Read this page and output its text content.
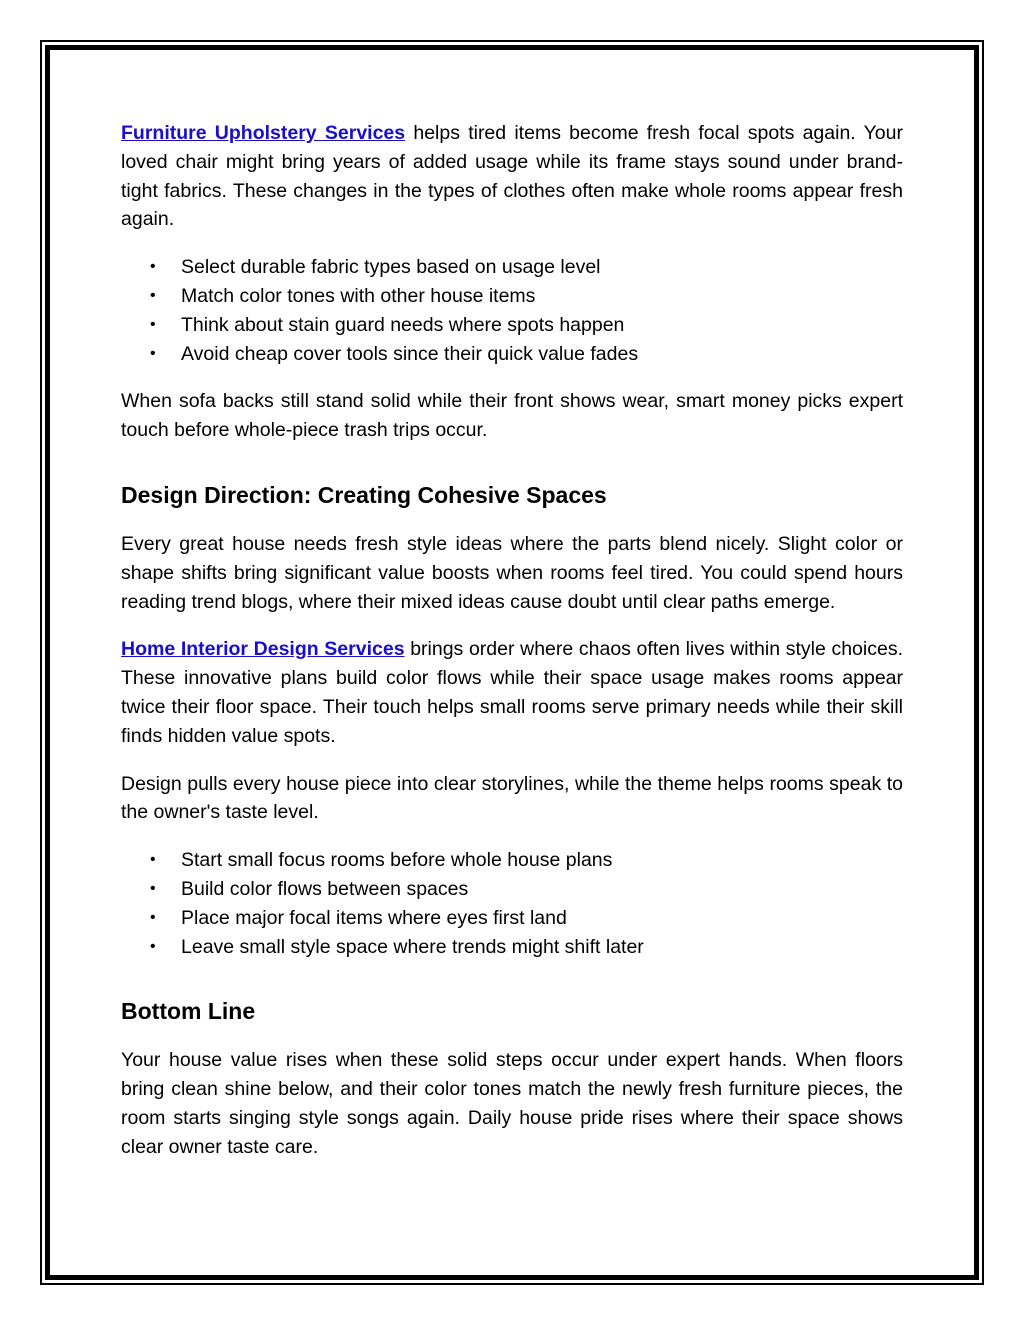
Furniture Upholstery Services helps tired items become fresh focal spots again. Your loved chair might bring years of added usage while its frame stays sound under brand-tight fabrics. These changes in the types of clothes often make whole rooms appear fresh again.

• Select durable fabric types based on usage level
• Match color tones with other house items
• Think about stain guard needs where spots happen
• Avoid cheap cover tools since their quick value fades

When sofa backs still stand solid while their front shows wear, smart money picks expert touch before whole-piece trash trips occur.

Design Direction: Creating Cohesive Spaces

Every great house needs fresh style ideas where the parts blend nicely. Slight color or shape shifts bring significant value boosts when rooms feel tired. You could spend hours reading trend blogs, where their mixed ideas cause doubt until clear paths emerge.

Home Interior Design Services brings order where chaos often lives within style choices. These innovative plans build color flows while their space usage makes rooms appear twice their floor space. Their touch helps small rooms serve primary needs while their skill finds hidden value spots.

Design pulls every house piece into clear storylines, while the theme helps rooms speak to the owner's taste level.

• Start small focus rooms before whole house plans
• Build color flows between spaces
• Place major focal items where eyes first land
• Leave small style space where trends might shift later
Bottom Line

Your house value rises when these solid steps occur under expert hands. When floors bring clean shine below, and their color tones match the newly fresh furniture pieces, the room starts singing style songs again. Daily house pride rises where their space shows clear owner taste care.
